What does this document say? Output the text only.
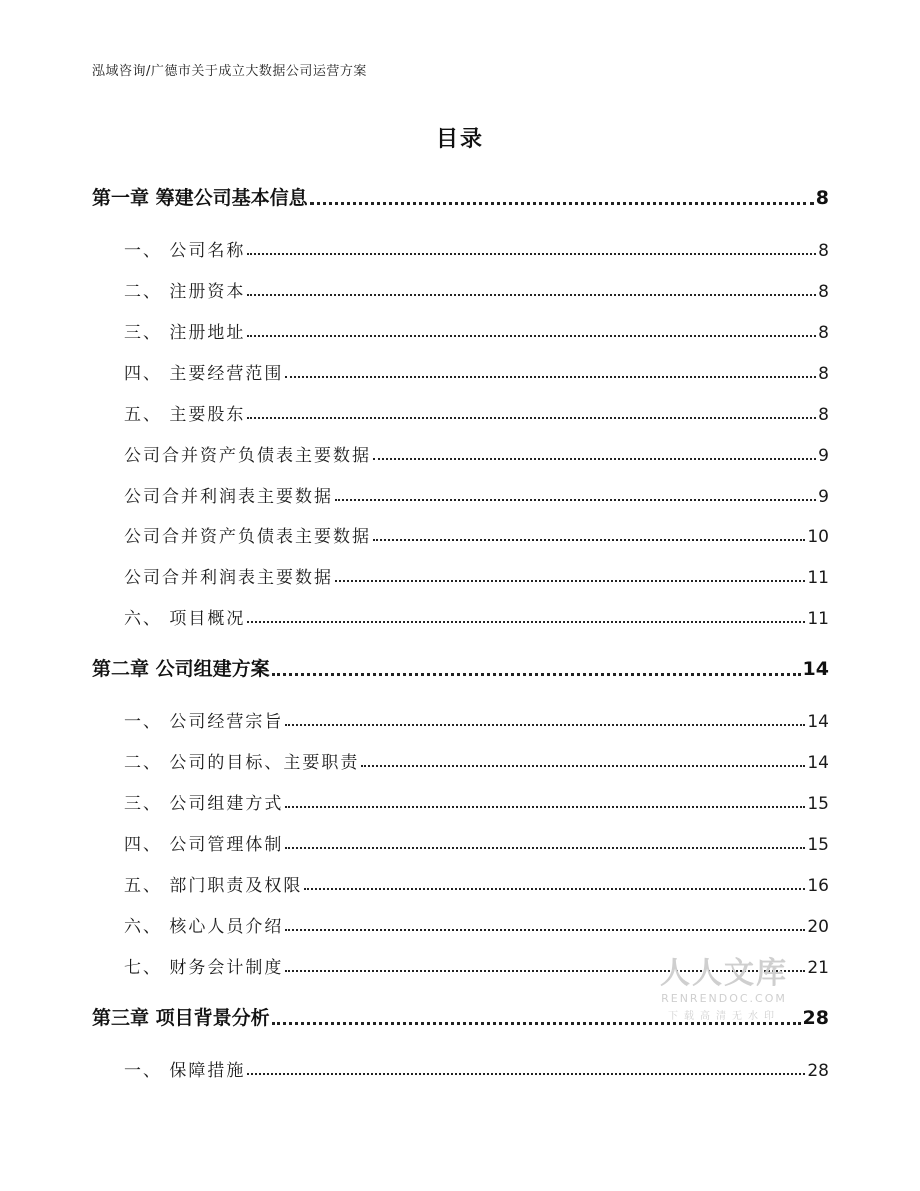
泓域咨询/广德市关于成立大数据公司运营方案
目录
第一章 筹建公司基本信息	8
一、 公司名称	8
二、 注册资本	8
三、 注册地址	8
四、 主要经营范围	8
五、 主要股东	8
公司合并资产负债表主要数据	9
公司合并利润表主要数据	9
公司合并资产负债表主要数据	10
公司合并利润表主要数据	11
六、 项目概况	11
第二章 公司组建方案	14
一、 公司经营宗旨	14
二、 公司的目标、主要职责	14
三、 公司组建方式	15
四、 公司管理体制	15
五、 部门职责及权限	16
六、 核心人员介绍	20
七、 财务会计制度	21
第三章 项目背景分析	28
一、 保障措施	28
人人文库
RENRENDOC.COM
下载高清无水印
